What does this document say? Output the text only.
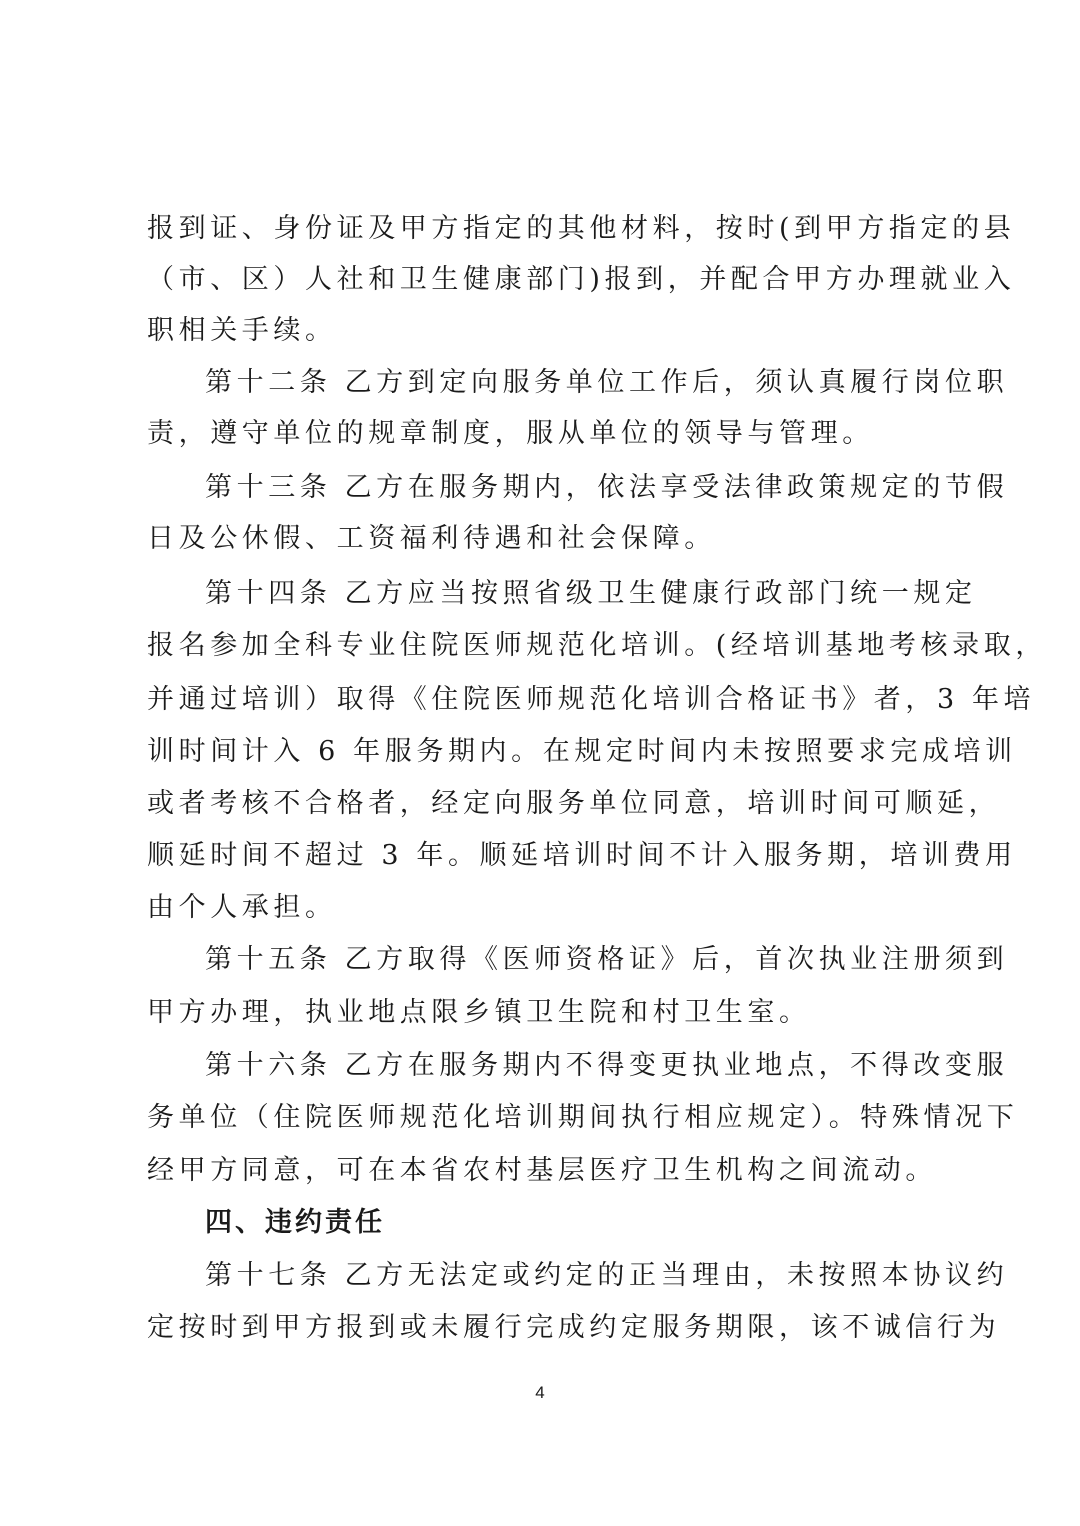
报到证、身份证及甲方指定的其他材料，按时(到甲方指定的县
（市、区）人社和卫生健康部门)报到，并配合甲方办理就业入
职相关手续。
第十二条 乙方到定向服务单位工作后，须认真履行岗位职
责，遵守单位的规章制度，服从单位的领导与管理。
第十三条 乙方在服务期内，依法享受法律政策规定的节假
日及公休假、工资福利待遇和社会保障。
第十四条 乙方应当按照省级卫生健康行政部门统一规定
报名参加全科专业住院医师规范化培训。(经培训基地考核录取，
并通过培训）取得《住院医师规范化培训合格证书》者，3 年培
训时间计入 6 年服务期内。在规定时间内未按照要求完成培训
或者考核不合格者，经定向服务单位同意，培训时间可顺延，
顺延时间不超过 3 年。顺延培训时间不计入服务期，培训费用
由个人承担。
第十五条 乙方取得《医师资格证》后，首次执业注册须到
甲方办理，执业地点限乡镇卫生院和村卫生室。
第十六条 乙方在服务期内不得变更执业地点，不得改变服
务单位（住院医师规范化培训期间执行相应规定）。特殊情况下
经甲方同意，可在本省农村基层医疗卫生机构之间流动。
四、违约责任
第十七条 乙方无法定或约定的正当理由，未按照本协议约
定按时到甲方报到或未履行完成约定服务期限，该不诚信行为
4
